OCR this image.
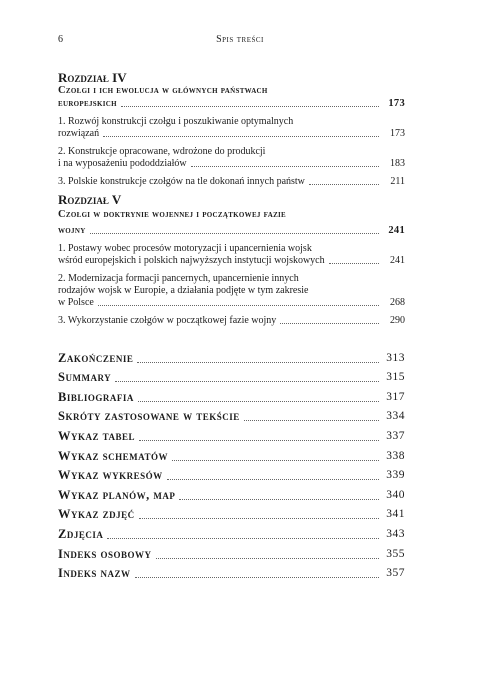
6	Spis treści
Rozdział IV
Czołgi i ich ewolucja w głównych państwach
europejskich	173
1. Rozwój konstrukcji czołgu i poszukiwanie optymalnych
rozwiązań	173
2. Konstrukcje opracowane, wdrożone do produkcji
i na wyposażeniu pododdziałów	183
3. Polskie konstrukcje czołgów na tle dokonań innych państw	211
Rozdział V
Czołgi w doktrynie wojennej i początkowej fazie
wojny	241
1. Postawy wobec procesów motoryzacji i upancernienia wojsk
wśród europejskich i polskich najwyższych instytucji wojskowych	241
2. Modernizacja formacji pancernych, upancernienie innych
rodzajów wojsk w Europie, a działania podjęte w tym zakresie
w Polsce	268
3. Wykorzystanie czołgów w początkowej fazie wojny	290
Zakończenie	313
Summary	315
Bibliografia	317
Skróty zastosowane w tekście	334
Wykaz tabel	337
Wykaz schematów	338
Wykaz wykresów	339
Wykaz planów, map	340
Wykaz zdjęć	341
Zdjęcia	343
Indeks osobowy	355
Indeks nazw	357
